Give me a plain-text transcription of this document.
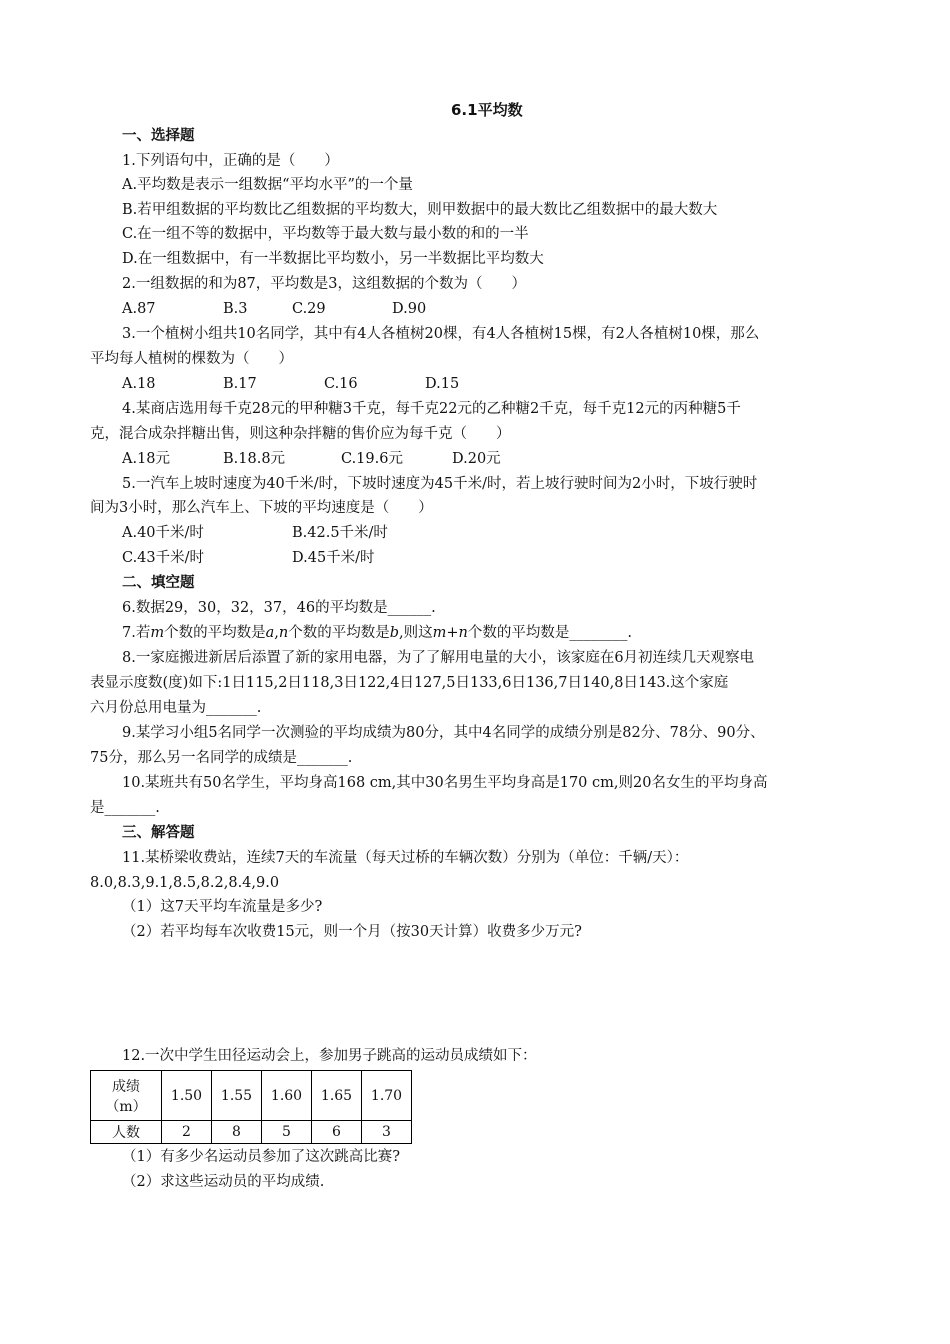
6.1平均数
一、选择题
1.下列语句中，正确的是（　　）
A.平均数是表示一组数据“平均水平”的一个量
B.若甲组数据的平均数比乙组数据的平均数大，则甲数据中的最大数比乙组数据中的最大数大
C.在一组不等的数据中，平均数等于最大数与最小数的和的一半
D.在一组数据中，有一半数据比平均数小，另一半数据比平均数大
2.一组数据的和为87，平均数是3，这组数据的个数为（　　）
A.87	B.3	C.29	D.90
3.一个植树小组共10名同学，其中有4人各植树20棵，有4人各植树15棵，有2人各植树10棵，那么
平均每人植树的棵数为（　　）
A.18	B.17	C.16	D.15
4.某商店选用每千克28元的甲种糖3千克，每千克22元的乙种糖2千克，每千克12元的丙种糖5千
克，混合成杂拌糖出售，则这种杂拌糖的售价应为每千克（　　）
A.18元	B.18.8元	C.19.6元	D.20元
5.一汽车上坡时速度为40千米/时，下坡时速度为45千米/时，若上坡行驶时间为2小时，下坡行驶时
间为3小时，那么汽车上、下坡的平均速度是（　　）
A.40千米/时	B.42.5千米/时
C.43千米/时	D.45千米/时
二、填空题
6.数据29，30，32，37，46的平均数是______.
7.若m个数的平均数是a,n个数的平均数是b,则这m+n个数的平均数是________.
8.一家庭搬进新居后添置了新的家用电器，为了了解用电量的大小，该家庭在6月初连续几天观察电
表显示度数(度)如下:1日115,2日118,3日122,4日127,5日133,6日136,7日140,8日143.这个家庭
六月份总用电量为_______.
9.某学习小组5名同学一次测验的平均成绩为80分，其中4名同学的成绩分别是82分、78分、90分、
75分，那么另一名同学的成绩是_______.
10.某班共有50名学生，平均身高168 cm,其中30名男生平均身高是170 cm,则20名女生的平均身高
是_______.
三、解答题
11.某桥梁收费站，连续7天的车流量（每天过桥的车辆次数）分别为（单位：千辆/天）：
8.0,8.3,9.1,8.5,8.2,8.4,9.0
（1）这7天平均车流量是多少?
（2）若平均每车次收费15元，则一个月（按30天计算）收费多少万元?
12.一次中学生田径运动会上，参加男子跳高的运动员成绩如下：
成绩
（m）	1.50	1.55	1.60	1.65	1.70
人数	2	8	5	6	3
（1）有多少名运动员参加了这次跳高比赛?
（2）求这些运动员的平均成绩.
